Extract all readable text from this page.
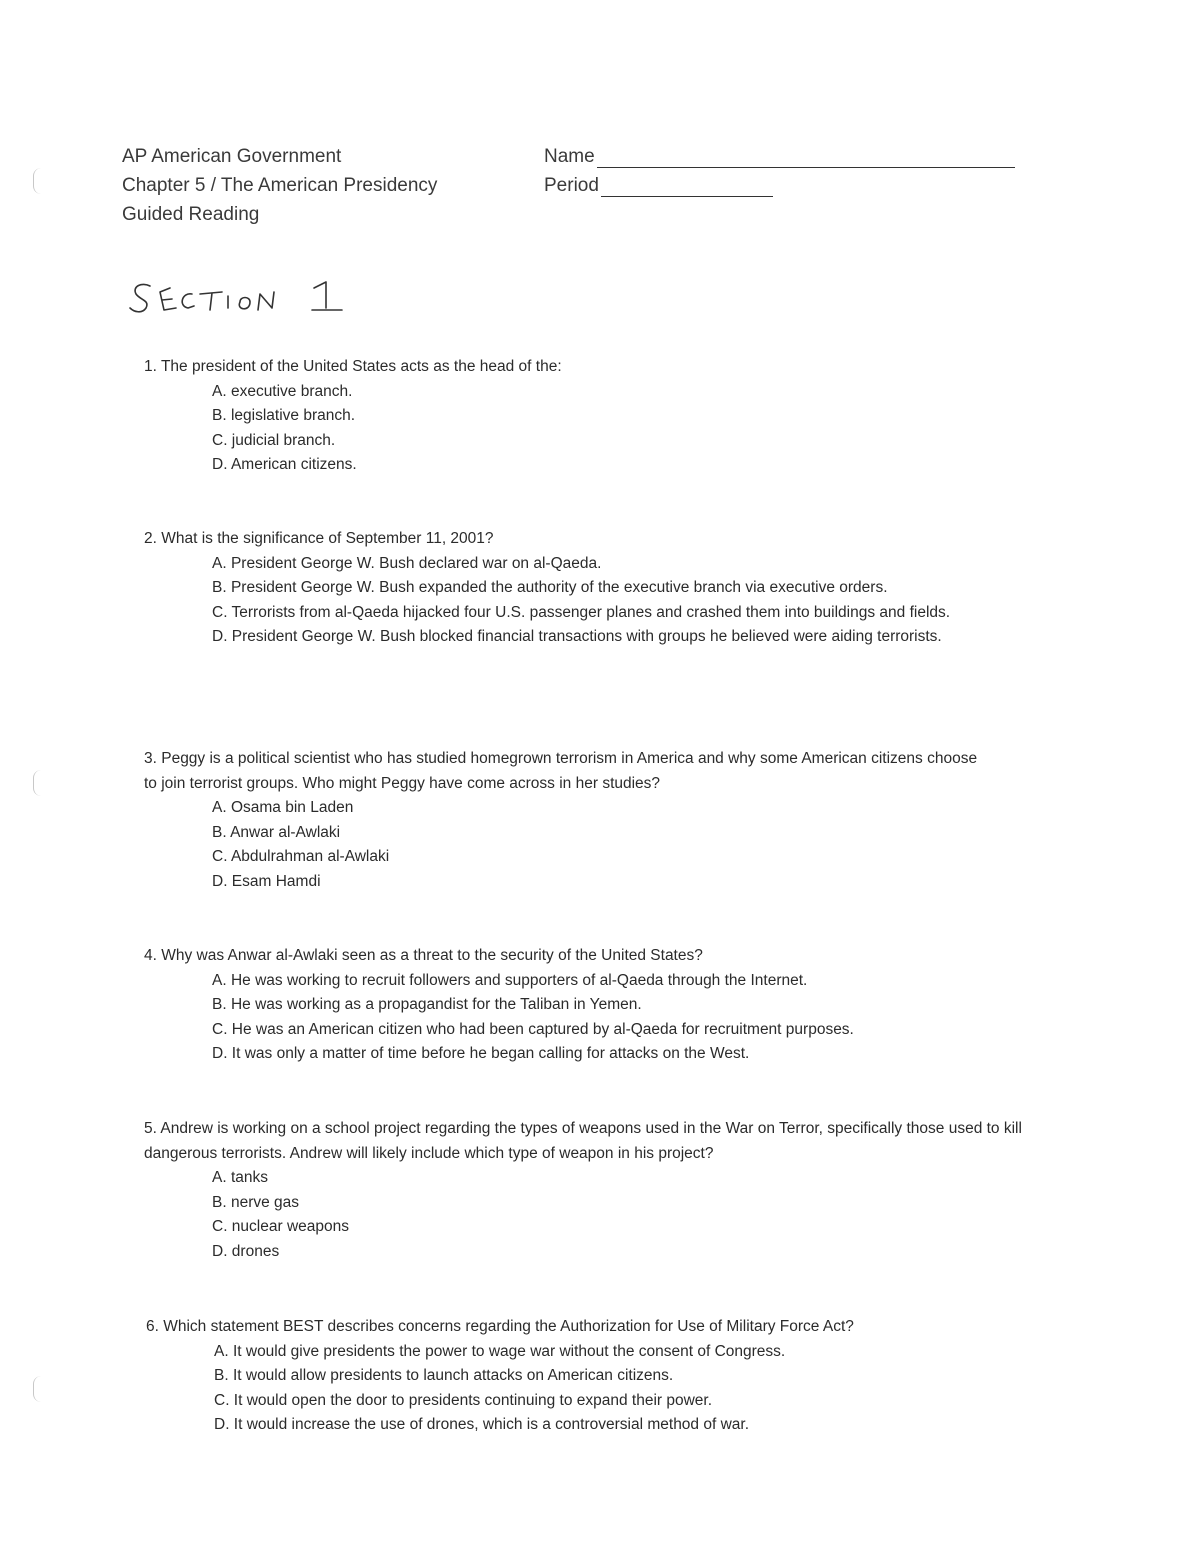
AP American Government
Chapter 5 / The American Presidency
Guided Reading
Name
Period

1. The president of the United States acts as the head of the:

A. executive branch.
B. legislative branch.
C. judicial branch.
D. American citizens.

2. What is the significance of September 11, 2001?

A. President George W. Bush declared war on al-Qaeda.
B. President George W. Bush expanded the authority of the executive branch via executive orders.
C. Terrorists from al-Qaeda hijacked four U.S. passenger planes and crashed them into buildings and fields.
D. President George W. Bush blocked financial transactions with groups he believed were aiding terrorists.

3. Peggy is a political scientist who has studied homegrown terrorism in America and why some American citizens choose to join terrorist groups. Who might Peggy have come across in her studies?

A. Osama bin Laden
B. Anwar al-Awlaki
C. Abdulrahman al-Awlaki
D. Esam Hamdi

4. Why was Anwar al-Awlaki seen as a threat to the security of the United States?

A. He was working to recruit followers and supporters of al-Qaeda through the Internet.
B. He was working as a propagandist for the Taliban in Yemen.
C. He was an American citizen who had been captured by al-Qaeda for recruitment purposes.
D. It was only a matter of time before he began calling for attacks on the West.

5. Andrew is working on a school project regarding the types of weapons used in the War on Terror, specifically those used to kill dangerous terrorists. Andrew will likely include which type of weapon in his project?

A. tanks
B. nerve gas
C. nuclear weapons
D. drones

6. Which statement BEST describes concerns regarding the Authorization for Use of Military Force Act?

A. It would give presidents the power to wage war without the consent of Congress.
B. It would allow presidents to launch attacks on American citizens.
C. It would open the door to presidents continuing to expand their power.
D. It would increase the use of drones, which is a controversial method of war.
